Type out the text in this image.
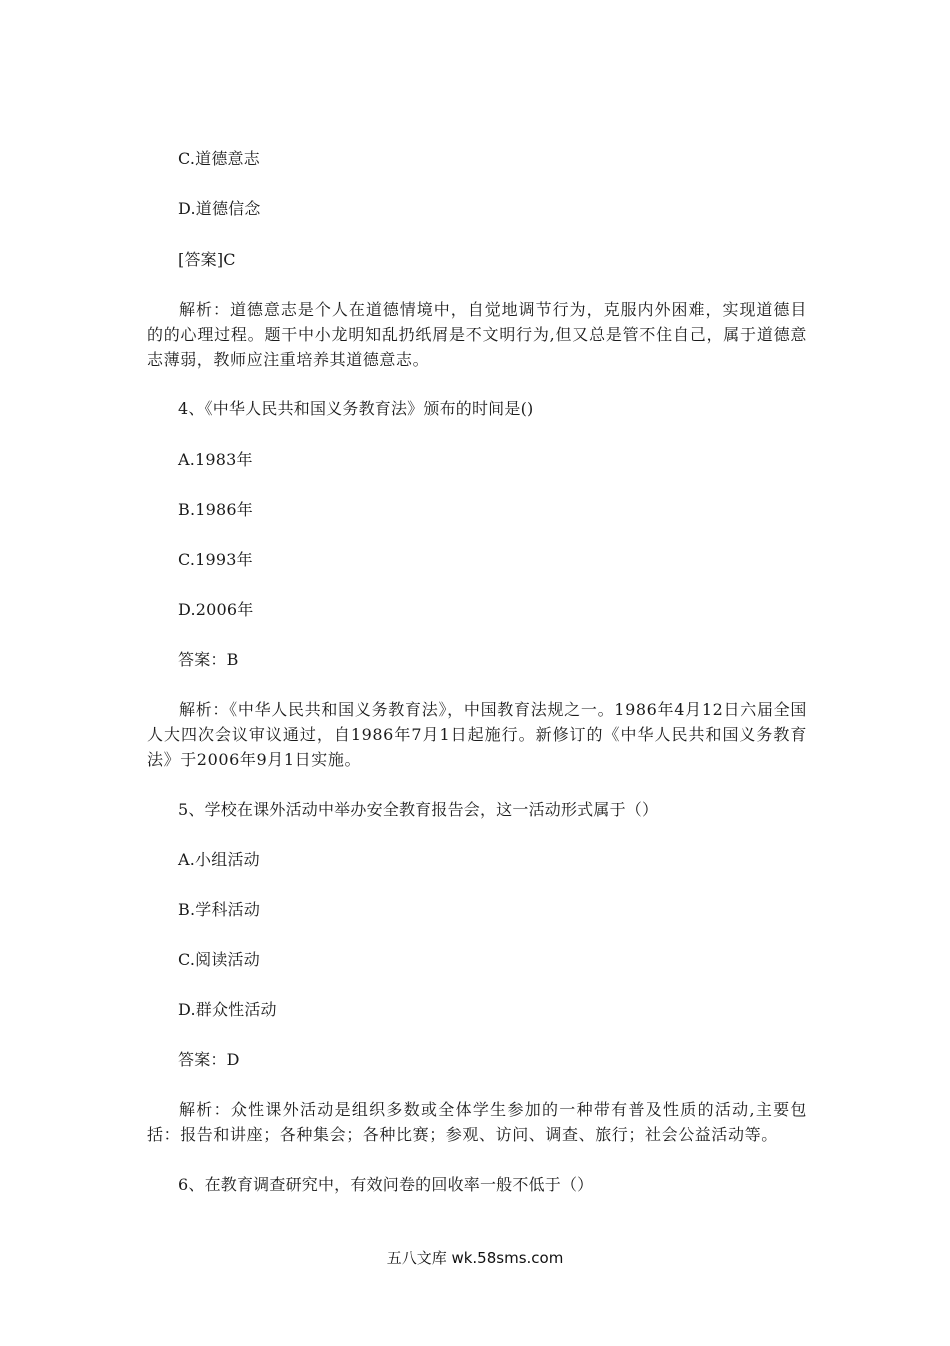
C.道德意志
D.道德信念
[答案]C
解析：道德意志是个人在道德情境中，自觉地调节行为，克服内外困难，实现道德目的的心理过程。题干中小龙明知乱扔纸屑是不文明行为,但又总是管不住自己，属于道德意志薄弱，教师应注重培养其道德意志。
4、《中华人民共和国义务教育法》颁布的时间是()
A.1983年
B.1986年
C.1993年
D.2006年
答案：B
解析：《中华人民共和国义务教育法》，中国教育法规之一。1986年4月12日六届全国人大四次会议审议通过，自1986年7月1日起施行。新修订的《中华人民共和国义务教育法》于2006年9月1日实施。
5、学校在课外活动中举办安全教育报告会，这一活动形式属于（）
A.小组活动
B.学科活动
C.阅读活动
D.群众性活动
答案：D
解析：众性课外活动是组织多数或全体学生参加的一种带有普及性质的活动,主要包括：报告和讲座；各种集会；各种比赛；参观、访问、调查、旅行；社会公益活动等。
6、在教育调查研究中，有效问卷的回收率一般不低于（）
五八文库 wk.58sms.com
